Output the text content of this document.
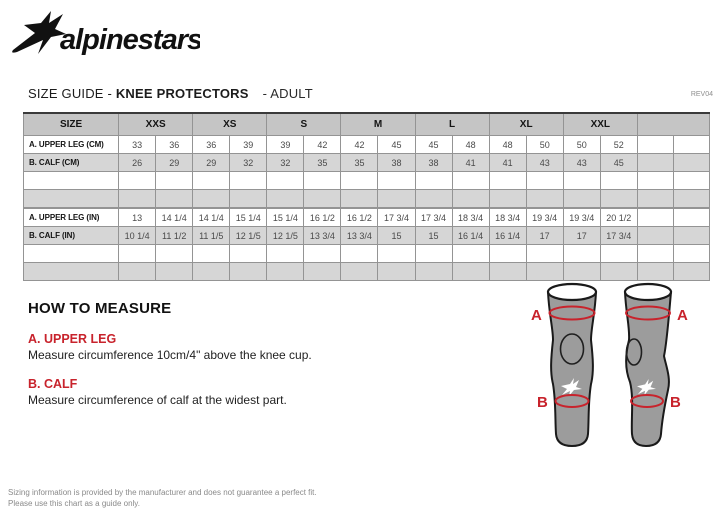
alpinestars
SIZE GUIDE - KNEE PROTECTORS - ADULT	REV04
SIZE	XXS		XS		S		M		L		XL		XXL			
A. UPPER LEG (CM)	33	36	36	39	39	42	42	45	45	48	48	50	50	52		
B. CALF (CM)	26	29	29	32	32	35	35	38	38	41	41	43	43	45		

A. UPPER LEG (IN)	13	14 1/4	14 1/4	15 1/4	15 1/4	16 1/2	16 1/2	17 3/4	17 3/4	18 3/4	18 3/4	19 3/4	19 3/4	20 1/2		
B. CALF (IN)	10 1/4	11 1/2	11 1/5	12 1/5	12 1/5	13 3/4	13 3/4	15	15	16 1/4	16 1/4	17	17	17 3/4		

HOW TO MEASURE
A. UPPER LEG
Measure circumference 10cm/4" above the knee cup.
B. CALF
Measure circumference of calf at the widest part.
A
B
A
B
Sizing information is provided by the manufacturer and does not guarantee a perfect fit.
Please use this chart as a guide only.
